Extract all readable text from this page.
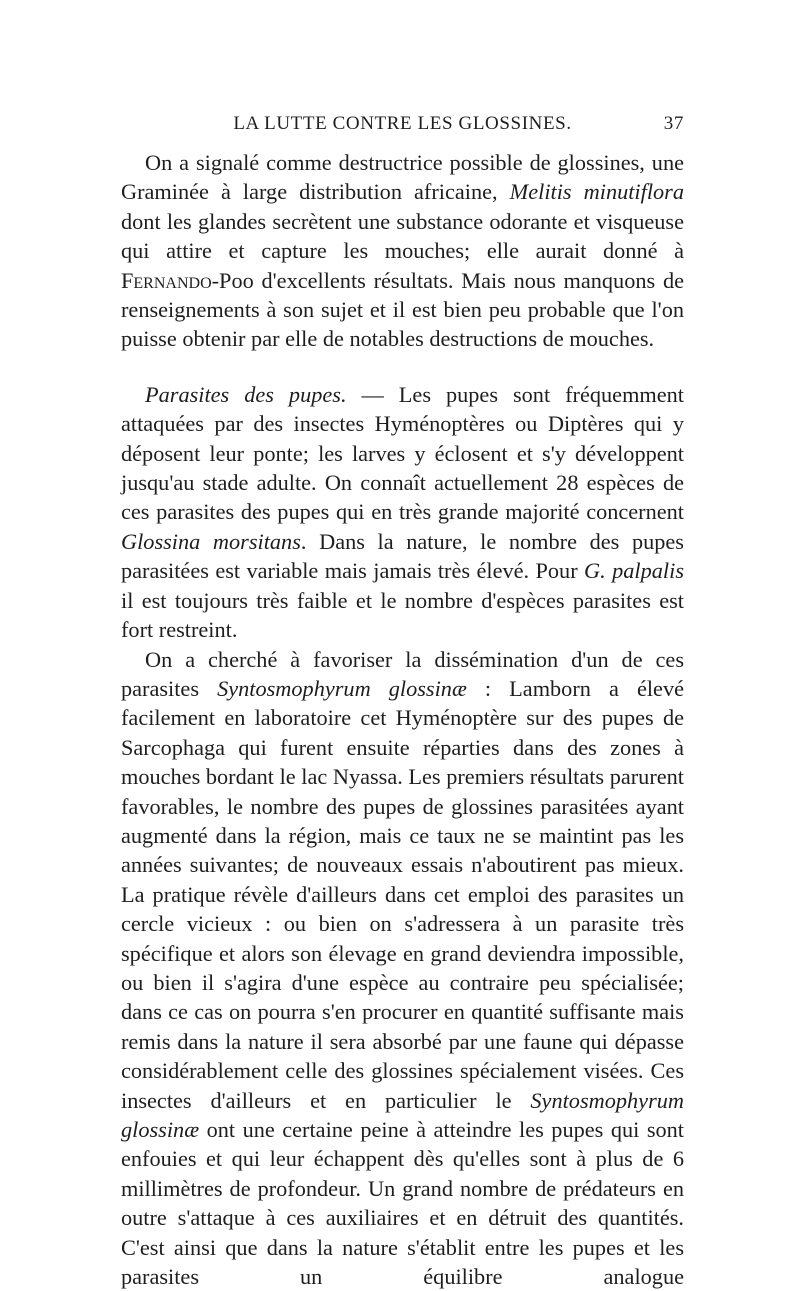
LA LUTTE CONTRE LES GLOSSINES.	37

On a signalé comme destructrice possible de glossines, une Graminée à large distribution africaine, Melitis minutiflora dont les glandes secrètent une substance odorante et visqueuse qui attire et capture les mouches; elle aurait donné à Fernando-Poo d'excellents résultats. Mais nous manquons de renseignements à son sujet et il est bien peu probable que l'on puisse obtenir par elle de notables destructions de mouches.

Parasites des pupes. — Les pupes sont fréquemment attaquées par des insectes Hyménoptères ou Diptères qui y déposent leur ponte; les larves y éclosent et s'y développent jusqu'au stade adulte. On connaît actuellement 28 espèces de ces parasites des pupes qui en très grande majorité concernent Glossina morsitans. Dans la nature, le nombre des pupes parasitées est variable mais jamais très élevé. Pour G. palpalis il est toujours très faible et le nombre d'espèces parasites est fort restreint.

On a cherché à favoriser la dissémination d'un de ces parasites Syntosmophyrum glossinæ : Lamborn a élevé facilement en laboratoire cet Hyménoptère sur des pupes de Sarcophaga qui furent ensuite réparties dans des zones à mouches bordant le lac Nyassa. Les premiers résultats parurent favorables, le nombre des pupes de glossines parasitées ayant augmenté dans la région, mais ce taux ne se maintint pas les années suivantes; de nouveaux essais n'aboutirent pas mieux. La pratique révèle d'ailleurs dans cet emploi des parasites un cercle vicieux : ou bien on s'adressera à un parasite très spécifique et alors son élevage en grand deviendra impossible, ou bien il s'agira d'une espèce au contraire peu spécialisée; dans ce cas on pourra s'en procurer en quantité suffisante mais remis dans la nature il sera absorbé par une faune qui dépasse considérablement celle des glossines spécialement visées. Ces insectes d'ailleurs et en particulier le Syntosmophyrum glossinæ ont une certaine peine à atteindre les pupes qui sont enfouies et qui leur échappent dès qu'elles sont à plus de 6 millimètres de profondeur. Un grand nombre de prédateurs en outre s'attaque à ces auxiliaires et en détruit des quantités. C'est ainsi que dans la nature s'établit entre les pupes et les parasites un équilibre analogue
